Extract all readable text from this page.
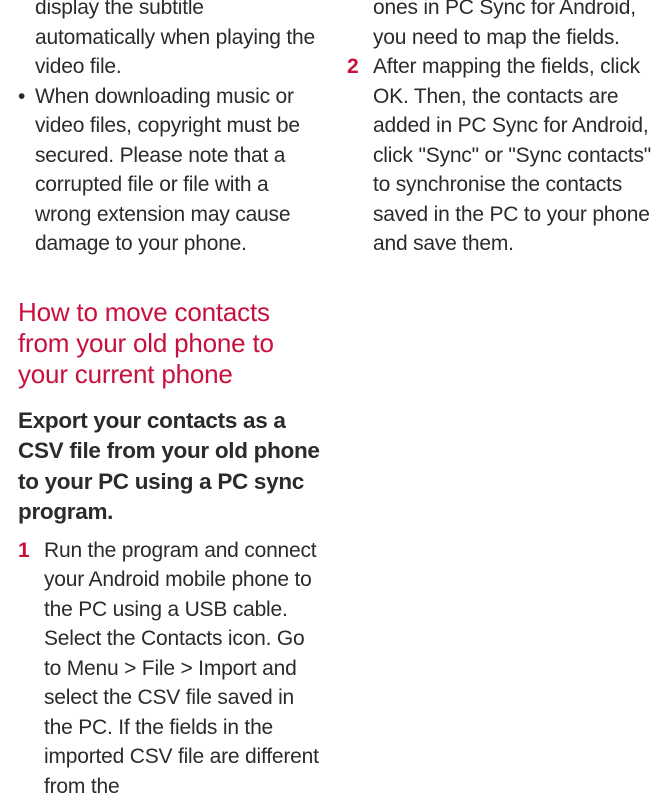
display the subtitle automatically when playing the video file.

• When downloading music or video files, copyright must be secured. Please note that a corrupted file or file with a wrong extension may cause damage to your phone.

How to move contacts from your old phone to your current phone
Export your contacts as a CSV file from your old phone to your PC using a PC sync program.
1 Run the program and connect your Android mobile phone to the PC using a USB cable. Select the Contacts icon. Go to Menu > File > Import and select the CSV file saved in the PC. If the fields in the imported CSV file are different from the

ones in PC Sync for Android, you need to map the fields.

2 After mapping the fields, click OK. Then, the contacts are added in PC Sync for Android, click "Sync" or "Sync contacts" to synchronise the contacts saved in the PC to your phone and save them.
